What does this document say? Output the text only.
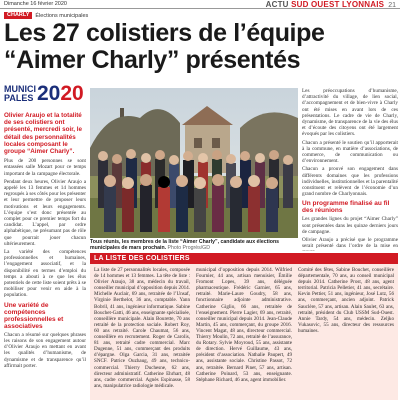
Dimanche 16 février 2020	ACTU SUD OUEST LYONNAIS 21
CHARLY	Élections municipales
Les 27 colistiers de l’équipe
“Aimer Charly” présentés
MUNICI
PALES 2020
Olivier Araujo et la totalité de ses colistiers ont présenté, mercredi soir, le détail des personnalités locales composant le groupe “Aimer Charly”.

Plus de 200 personnes se sont entassées salle Mozart pour ce temps important de la campagne électorale.

Pendant deux heures, Olivier Araujo a appelé les 13 femmes et 14 hommes regroupés à ses côtés pour les présenter et leur permettre de proposer leurs motivations et leurs engagements. L’équipe s’est donc présentée au complet pour ce premier temps fort du candidat. L’appel, par ordre alphabétique, ne présumant pas de rôle que pourrait jouer chacun ultérieurement.

La variété des compétences professionnelles et humaines, l’engagement associatif, et la disponibilité en termes d’emploi du temps a abouti à ce que les élus potentiels de cette liste soient prêts à se mobiliser pour venir en aide à la population.

Une variété de compétences professionnelles et associatives

Chacun a résumé sur quelques phrases les raisons de son engagement autour d’Olivier Araujo en mettant en avant les qualités d’humanisme, de dynamisme et de transparence qu’il affirmait porter.

Tous réunis, les membres de la liste “Aimer Charly”, candidate aux élections municipales de mars prochain. Photo Progrès/GD

Les préoccupations d’humanisme, d’attractivité du village, de lien social, d’accompagnement et de bien-vivre à Charly ont été mises en avant lors de ces présentations. Le cadre de vie de Charly, dynamisme, de transparence de la vie des élus et d’écoute des citoyens ont été largement évoqués par les colistiers.

Chacun a présenté le soutien qu’il apporterait à la commune, en matière d’associations, de commerce, de communication ou d’environnement.

Chacun a prouvé son engagement dans différents domaines que les professions individuelles, institutionnelles et la parentalité constituent et relèvent de l’économie d’un grand nombre de Charlyonnais.

Un programme finalisé au fil des réunions

Les grandes lignes du projet “Aimer Charly” sont présentées dans les quinze derniers jours de campagne.

Olivier Araujo a précisé que le programme serait présenté dans l’ordre de la mise en

LA LISTE DES COLISTIERS
La liste de 27 personnalités locales, composée de 14 hommes et 13 femmes. La tête de liste : Olivier Araujo, 38 ans, médecin du travail, conseiller municipal d’opposition depuis 2014. Michelle Auclair, 69 ans, retraitée de l’Unsaf, Virginie Berthelot, 36 ans, comptable. Yann Bobril, 41 ans, ingénieur informatique. Sabine Bouchet-Gatti, 46 ans, enseignante spécialisée, conseillère municipale. Alain Bourette, 70 ans retraité de la protection sociale. Robert Roy, 60 ans retraité. Carole Chaumat, 56 ans, conseillère en recrutement. Roger de Carolis, 81 ans, retraité cadre commercial. Marc Dugenne, 51 ans, commerçant des produits d’épargne. Olga Garcia, 31 ans, retraitée SNCF. Patrice Ouzhaug, 49 ans, technico-commercial. Thierry Duchesne, 62 ans, directeur administratif. Catherine Ehrhart, 48 ans, cadre commercial. Agnès Espinasse, 58 ans, manipulatrice radiologie médicale.
municipal d’opposition depuis 2014. Wilfried Fournier, 44 ans, artisan menuisier, Émilie Fromont Lopes, 39 ans, déléguée pharmaceutique. Frédéric Garnier, 65 ans, retraité. Marie-Laure Goudry, 58 ans, fonctionnaire adjointe administrative. Catherine Giglio, 66 ans, retraitée de l’enseignement. Pierre Lagier, 69 ans, retraité, conseiller municipal depuis 2014. Jean-Claude Martin, 45 ans, commerçant, du groupe 2016. Vincent Magat, 48 ans, directeur commercial. Thierry Moulin, 72 ans, retraité de l’assurance, du Rotary. Sylvie Moyroud, 55 ans, assistante de direction. Hervé Guillaume, 43 ans, président d’association. Nathalie Paupert, 49 ans, assistante sociale. Christine Passot, 72 ans, retraitée. Bernard Pinet, 57 ans, artisan. Catherine Poinard, 53 ans, enseignante. Stéphane Richard, 46 ans, agent immobilier.
Comité des fêtes, Sabine Bouchet, conseillère départementale, 70 ans, au conseil municipal depuis 2014. Catherine Prost, 48 ans, agent territorial. Patricia Pelletier, 41 ans, secrétaire. Kevin Pettier, 51 ans, ingénieur, José Lutz, 56 ans, commerçant, ancien adjoint. Patrick Sauclère, 57 ans, artisan. Alain Saulet, 63 ans, retraité, président du Club USSM Sud-Ouest. Annie Tardy, 54 ans, médecin. Zeljko Vukasovic, 55 ans, directeur des ressources humaines.
